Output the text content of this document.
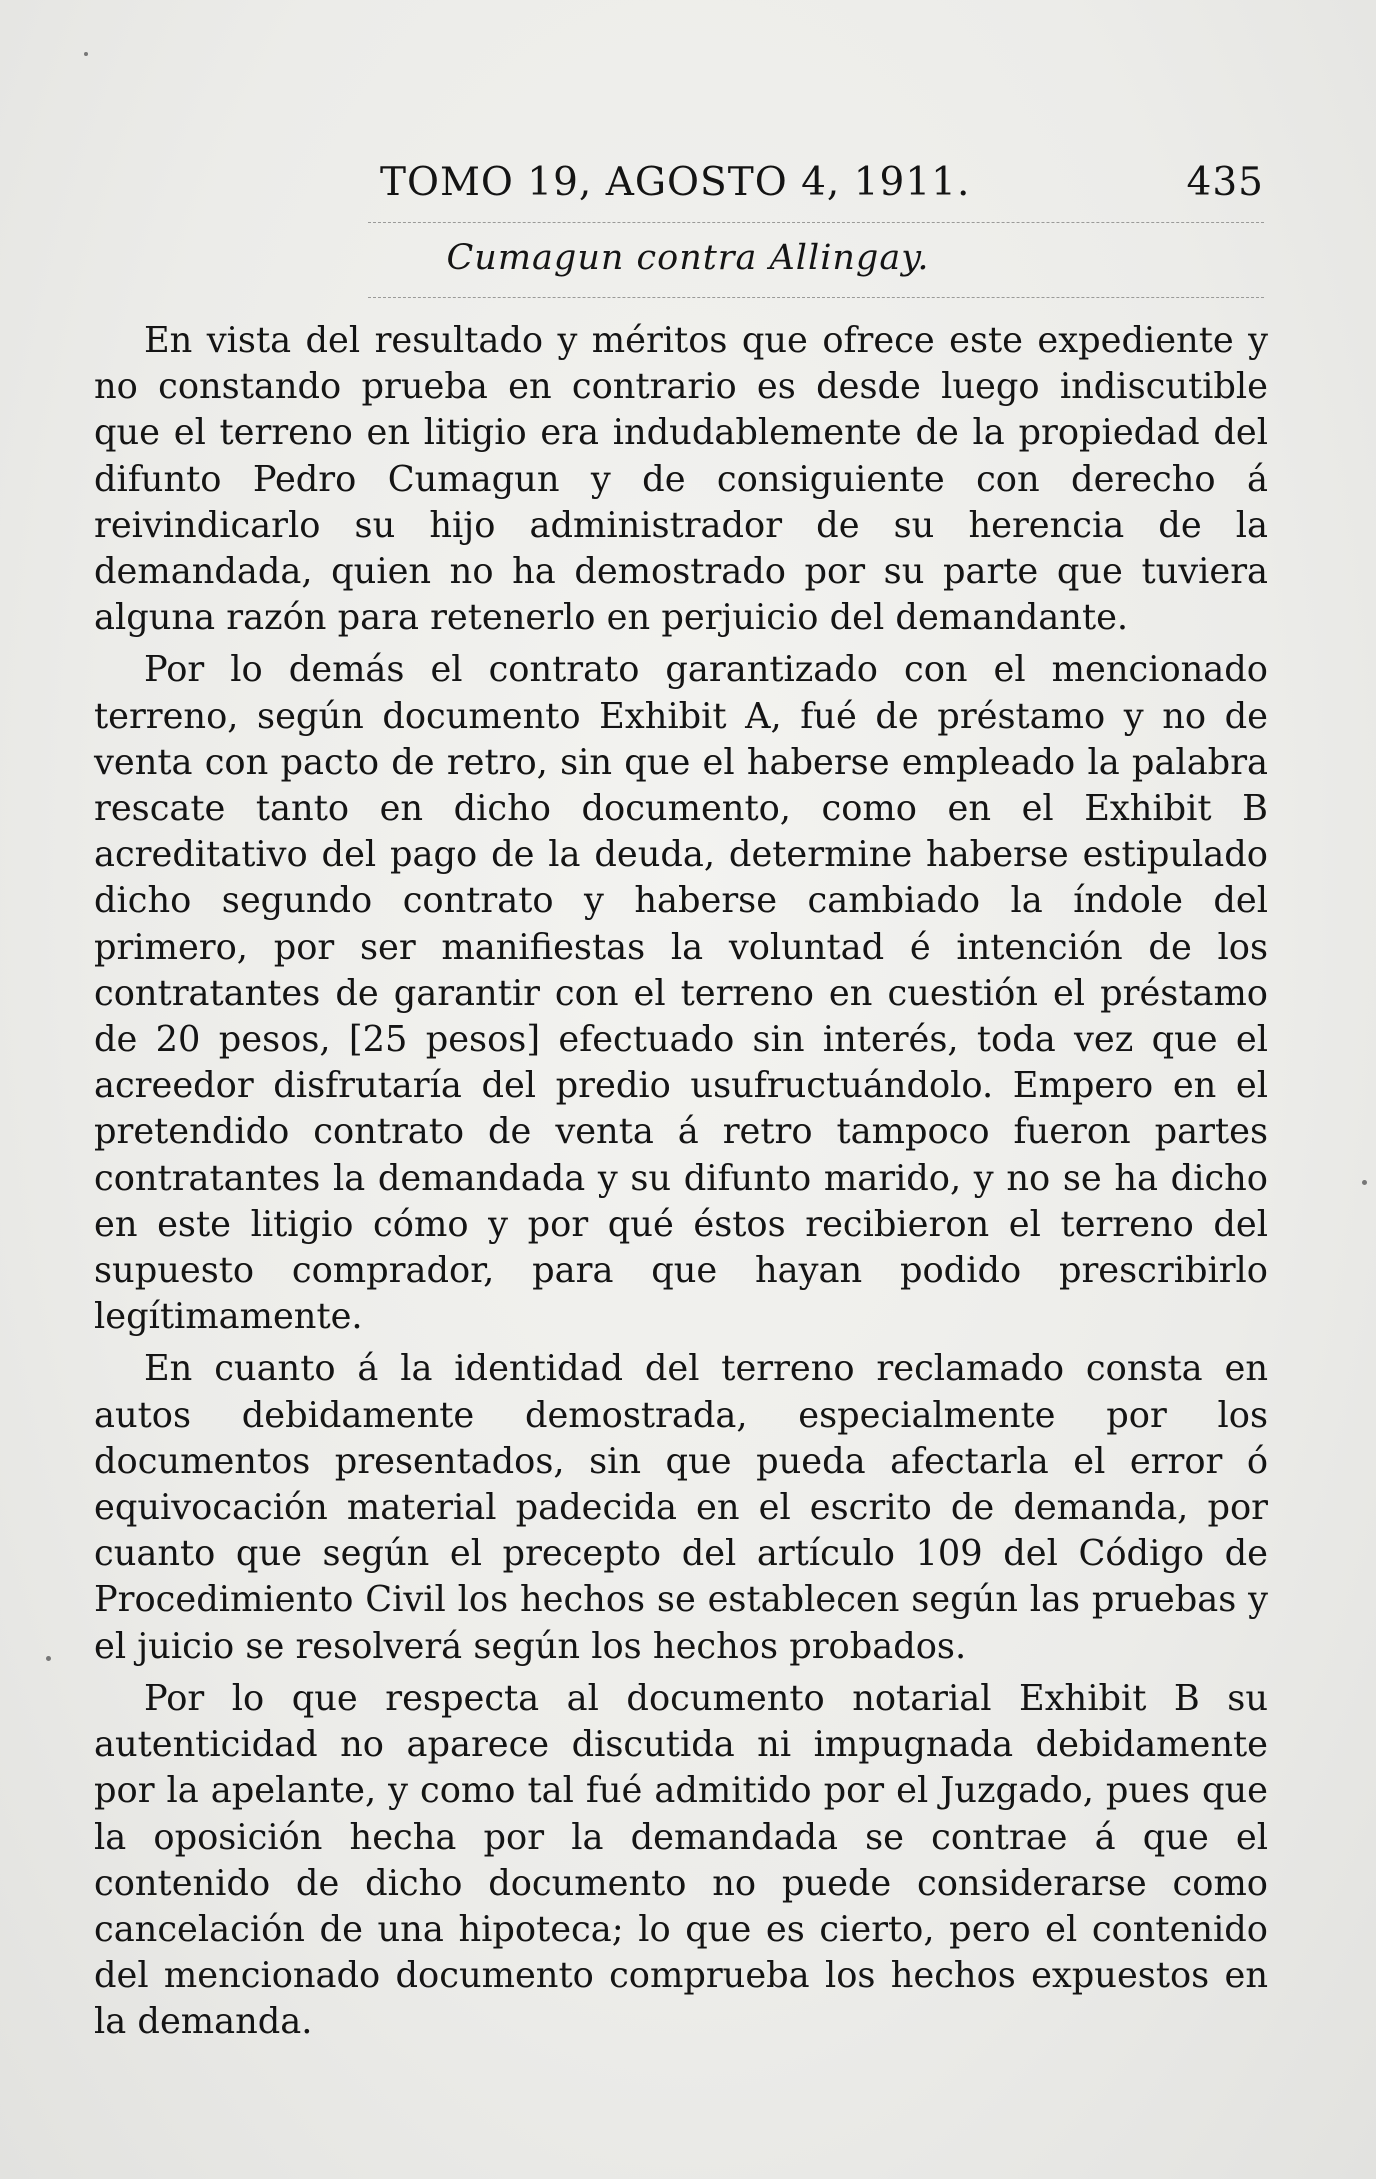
TOMO 19, AGOSTO 4, 1911.	435
Cumagun contra Allingay.

En vista del resultado y méritos que ofrece este expediente y no constando prueba en contrario es desde luego indiscutible que el terreno en litigio era indudablemente de la propiedad del difunto Pedro Cumagun y de consiguiente con derecho á reivindicarlo su hijo administrador de su herencia de la demandada, quien no ha demostrado por su parte que tuviera alguna razón para retenerlo en perjuicio del demandante.

Por lo demás el contrato garantizado con el mencionado terreno, según documento Exhibit A, fué de préstamo y no de venta con pacto de retro, sin que el haberse empleado la palabra rescate tanto en dicho documento, como en el Exhibit B acreditativo del pago de la deuda, determine haberse estipulado dicho segundo contrato y haberse cambiado la índole del primero, por ser manifiestas la voluntad é intención de los contratantes de garantir con el terreno en cuestión el préstamo de 20 pesos, [25 pesos] efectuado sin interés, toda vez que el acreedor disfrutaría del predio usufructuándolo. Empero en el pretendido contrato de venta á retro tampoco fueron partes contratantes la demandada y su difunto marido, y no se ha dicho en este litigio cómo y por qué éstos recibieron el terreno del supuesto comprador, para que hayan podido prescribirlo legítimamente.

En cuanto á la identidad del terreno reclamado consta en autos debidamente demostrada, especialmente por los documentos presentados, sin que pueda afectarla el error ó equivocación material padecida en el escrito de demanda, por cuanto que según el precepto del artículo 109 del Código de Procedimiento Civil los hechos se establecen según las pruebas y el juicio se resolverá según los hechos probados.

Por lo que respecta al documento notarial Exhibit B su autenticidad no aparece discutida ni impugnada debidamente por la apelante, y como tal fué admitido por el Juzgado, pues que la oposición hecha por la demandada se contrae á que el contenido de dicho documento no puede considerarse como cancelación de una hipoteca; lo que es cierto, pero el contenido del mencionado documento comprueba los hechos expuestos en la demanda.
